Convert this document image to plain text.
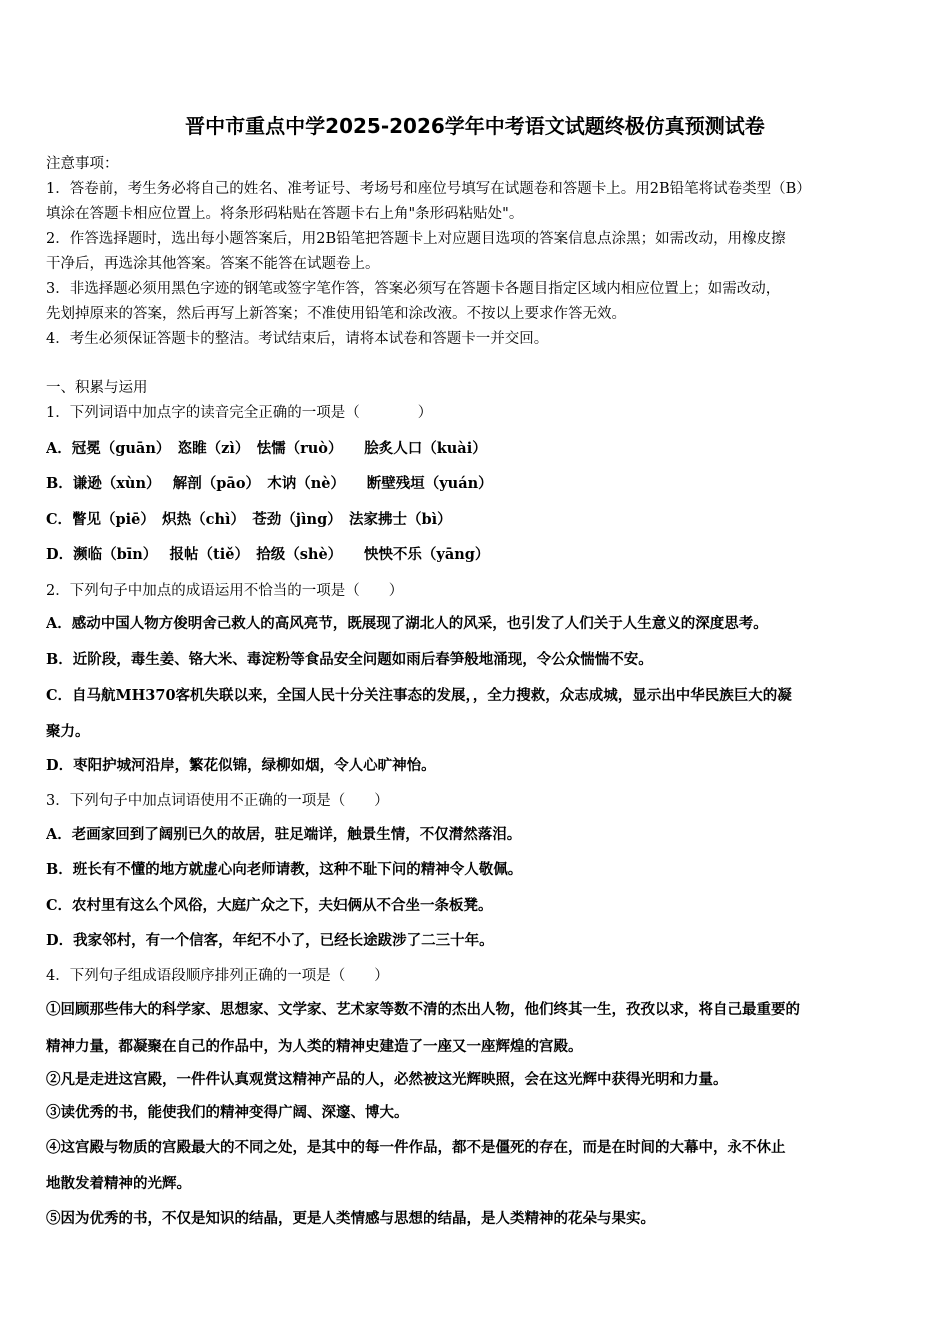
晋中市重点中学2025-2026学年中考语文试题终极仿真预测试卷
注意事项：
1．答卷前，考生务必将自己的姓名、准考证号、考场号和座位号填写在试题卷和答题卡上。用2B铅笔将试卷类型（B）
填涂在答题卡相应位置上。将条形码粘贴在答题卡右上角"条形码粘贴处"。
2．作答选择题时，选出每小题答案后，用2B铅笔把答题卡上对应题目选项的答案信息点涂黑；如需改动，用橡皮擦
干净后，再选涂其他答案。答案不能答在试题卷上。
3．非选择题必须用黑色字迹的钢笔或签字笔作答，答案必须写在答题卡各题目指定区域内相应位置上；如需改动，
先划掉原来的答案，然后再写上新答案；不准使用铅笔和涂改液。不按以上要求作答无效。
4．考生必须保证答题卡的整洁。考试结束后，请将本试卷和答题卡一并交回。
一、积累与运用
1．下列词语中加点字的读音完全正确的一项是（　　　　）
A．冠冕（guān）　恣睢（zì）　怯懦（ruò）　　脍炙人口（kuài）
B．谦逊（xùn）　 解剖（pāo）　木讷（nè）　　断壁残垣（yuán）
C．瞥见（piē）　炽热（chì）　苍劲（jìng）　法家拂士（bì）
D．濒临（bīn）　 报帖（tiě）　拾级（shè）　　怏怏不乐（yāng）
2．下列句子中加点的成语运用不恰当的一项是（　　）
A．感动中国人物方俊明舍己救人的高风亮节，既展现了湖北人的风采，也引发了人们关于人生意义的深度思考。
B．近阶段，毒生姜、铬大米、毒淀粉等食品安全问题如雨后春笋般地涌现，令公众惴惴不安。
C．自马航MH370客机失联以来，全国人民十分关注事态的发展，，全力搜救，众志成城，显示出中华民族巨大的凝
聚力。
D．枣阳护城河沿岸，繁花似锦，绿柳如烟，令人心旷神怡。
3．下列句子中加点词语使用不正确的一项是（　　）
A．老画家回到了阔别已久的故居，驻足端详，触景生情，不仅潸然落泪。
B．班长有不懂的地方就虚心向老师请教，这种不耻下问的精神令人敬佩。
C．农村里有这么个风俗，大庭广众之下，夫妇俩从不合坐一条板凳。
D．我家邻村，有一个信客，年纪不小了，已经长途跋涉了二三十年。
4．下列句子组成语段顺序排列正确的一项是（　　）
①回顾那些伟大的科学家、思想家、文学家、艺术家等数不清的杰出人物，他们终其一生，孜孜以求，将自己最重要的
精神力量，都凝聚在自己的作品中，为人类的精神史建造了一座又一座辉煌的宫殿。
②凡是走进这宫殿，一件件认真观赏这精神产品的人，必然被这光辉映照，会在这光辉中获得光明和力量。
③读优秀的书，能使我们的精神变得广阔、深邃、博大。
④这宫殿与物质的宫殿最大的不同之处，是其中的每一件作品，都不是僵死的存在，而是在时间的大幕中，永不休止
地散发着精神的光辉。
⑤因为优秀的书，不仅是知识的结晶，更是人类情感与思想的结晶，是人类精神的花朵与果实。
